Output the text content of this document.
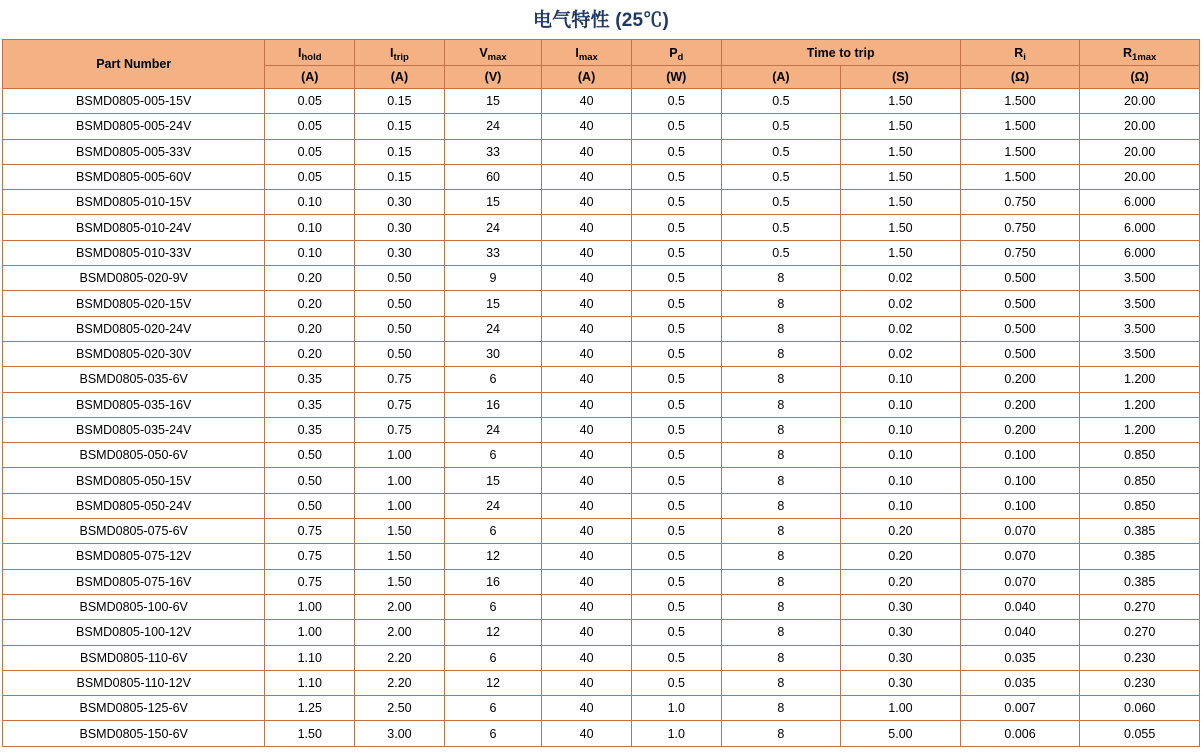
电气特性 (25℃)
Part Number	$I_{hold}$	$I_{trip}$	$V_{max}$	$I_{max}$	$P_d$	Time to trip		$R_i$	$R_{1max}$
	(A)	(A)	(V)	(A)	(W)	(A)	(S)	(Ω)	(Ω)
BSMD0805-005-15V	0.05	0.15	15	40	0.5	0.5	1.50	1.500	20.00
BSMD0805-005-24V	0.05	0.15	24	40	0.5	0.5	1.50	1.500	20.00
BSMD0805-005-33V	0.05	0.15	33	40	0.5	0.5	1.50	1.500	20.00
BSMD0805-005-60V	0.05	0.15	60	40	0.5	0.5	1.50	1.500	20.00
BSMD0805-010-15V	0.10	0.30	15	40	0.5	0.5	1.50	0.750	6.000
BSMD0805-010-24V	0.10	0.30	24	40	0.5	0.5	1.50	0.750	6.000
BSMD0805-010-33V	0.10	0.30	33	40	0.5	0.5	1.50	0.750	6.000
BSMD0805-020-9V	0.20	0.50	9	40	0.5	8	0.02	0.500	3.500
BSMD0805-020-15V	0.20	0.50	15	40	0.5	8	0.02	0.500	3.500
BSMD0805-020-24V	0.20	0.50	24	40	0.5	8	0.02	0.500	3.500
BSMD0805-020-30V	0.20	0.50	30	40	0.5	8	0.02	0.500	3.500
BSMD0805-035-6V	0.35	0.75	6	40	0.5	8	0.10	0.200	1.200
BSMD0805-035-16V	0.35	0.75	16	40	0.5	8	0.10	0.200	1.200
BSMD0805-035-24V	0.35	0.75	24	40	0.5	8	0.10	0.200	1.200
BSMD0805-050-6V	0.50	1.00	6	40	0.5	8	0.10	0.100	0.850
BSMD0805-050-15V	0.50	1.00	15	40	0.5	8	0.10	0.100	0.850
BSMD0805-050-24V	0.50	1.00	24	40	0.5	8	0.10	0.100	0.850
BSMD0805-075-6V	0.75	1.50	6	40	0.5	8	0.20	0.070	0.385
BSMD0805-075-12V	0.75	1.50	12	40	0.5	8	0.20	0.070	0.385
BSMD0805-075-16V	0.75	1.50	16	40	0.5	8	0.20	0.070	0.385
BSMD0805-100-6V	1.00	2.00	6	40	0.5	8	0.30	0.040	0.270
BSMD0805-100-12V	1.00	2.00	12	40	0.5	8	0.30	0.040	0.270
BSMD0805-110-6V	1.10	2.20	6	40	0.5	8	0.30	0.035	0.230
BSMD0805-110-12V	1.10	2.20	12	40	0.5	8	0.30	0.035	0.230
BSMD0805-125-6V	1.25	2.50	6	40	1.0	8	1.00	0.007	0.060
BSMD0805-150-6V	1.50	3.00	6	40	1.0	8	5.00	0.006	0.055
